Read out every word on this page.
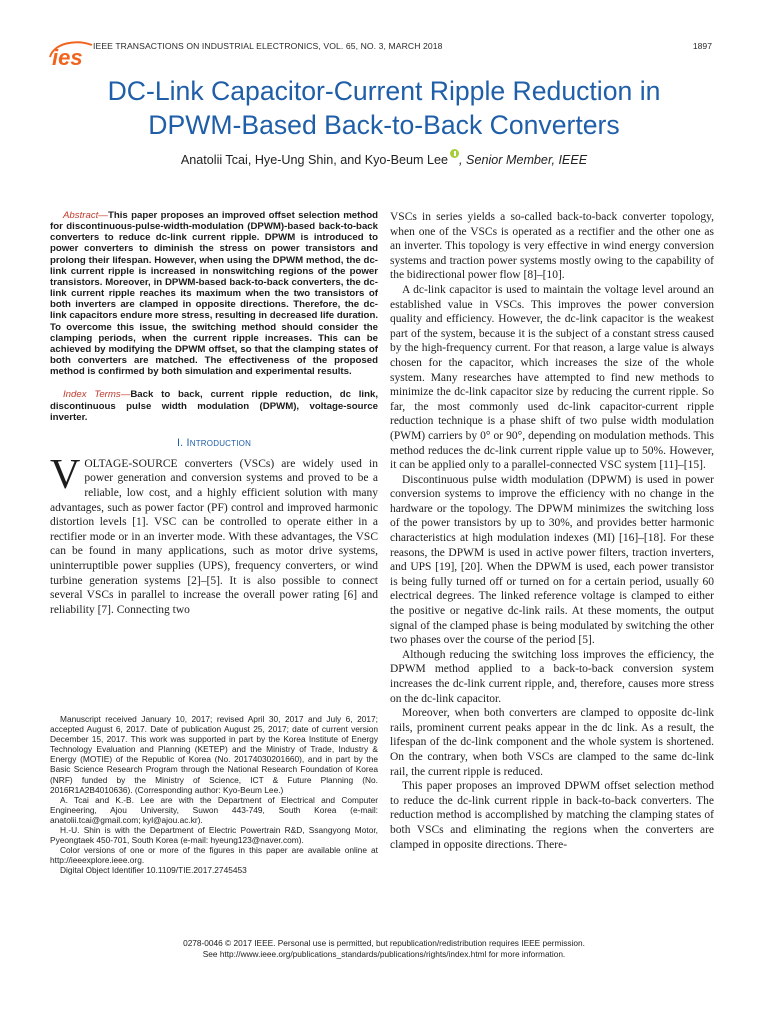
ies IEEE TRANSACTIONS ON INDUSTRIAL ELECTRONICS, VOL. 65, NO. 3, MARCH 2018	1897
DC-Link Capacitor-Current Ripple Reduction in
DPWM-Based Back-to-Back Converters
Anatolii Tcai, Hye-Ung Shin, and Kyo-Beum Lee , Senior Member, IEEE

Abstract—This paper proposes an improved offset selection method for discontinuous-pulse-width-modulation (DPWM)-based back-to-back converters to reduce dc-link current ripple. DPWM is introduced to power converters to diminish the stress on power transistors and prolong their lifespan. However, when using the DPWM method, the dc-link current ripple is increased in nonswitching regions of the power transistors. Moreover, in DPWM-based back-to-back converters, the dc-link current ripple reaches its maximum when the two transistors of both inverters are clamped in opposite directions. Therefore, the dc-link capacitors endure more stress, resulting in decreased life duration. To overcome this issue, the switching method should consider the clamping periods, when the current ripple increases. This can be achieved by modifying the DPWM offset, so that the clamping states of both converters are matched. The effectiveness of the proposed method is confirmed by both simulation and experimental results.

Index Terms—Back to back, current ripple reduction, dc link, discontinuous pulse width modulation (DPWM), voltage-source inverter.

I. Introduction

VOLTAGE-SOURCE converters (VSCs) are widely used in power generation and conversion systems and proved to be a reliable, low cost, and a highly efficient solution with many advantages, such as power factor (PF) control and improved harmonic distortion levels [1]. VSC can be controlled to operate either in a rectifier mode or in an inverter mode. With these advantages, the VSC can be found in many applications, such as motor drive systems, uninterruptible power supplies (UPS), frequency converters, or wind turbine generation systems [2]–[5]. It is also possible to connect several VSCs in parallel to increase the overall power rating [6] and reliability [7]. Connecting two

Manuscript received January 10, 2017; revised April 30, 2017 and July 6, 2017; accepted August 6, 2017. Date of publication August 25, 2017; date of current version December 15, 2017. This work was supported in part by the Korea Institute of Energy Technology Evaluation and Planning (KETEP) and the Ministry of Trade, Industry & Energy (MOTIE) of the Republic of Korea (No. 20174030201660), and in part by the Basic Science Research Program through the National Research Foundation of Korea (NRF) funded by the Ministry of Science, ICT & Future Planning (No. 2016R1A2B4010636). (Corresponding author: Kyo-Beum Lee.)

A. Tcai and K.-B. Lee are with the Department of Electrical and Computer Engineering, Ajou University, Suwon 443-749, South Korea (e-mail: anatolii.tcai@gmail.com; kyl@ajou.ac.kr).

H.-U. Shin is with the Department of Electric Powertrain R&D, Ssangyong Motor, Pyeongtaek 450-701, South Korea (e-mail: hyeung123@naver.com).

Color versions of one or more of the figures in this paper are available online at http://ieeexplore.ieee.org.

Digital Object Identifier 10.1109/TIE.2017.2745453

VSCs in series yields a so-called back-to-back converter topology, when one of the VSCs is operated as a rectifier and the other one as an inverter. This topology is very effective in wind energy conversion systems and traction power systems mostly owing to the capability of the bidirectional power flow [8]–[10].

A dc-link capacitor is used to maintain the voltage level around an established value in VSCs. This improves the power conversion quality and efficiency. However, the dc-link capacitor is the weakest part of the system, because it is the subject of a constant stress caused by the high-frequency current. For that reason, a large value is always chosen for the capacitor, which increases the size of the whole system. Many researches have attempted to find new methods to minimize the dc-link capacitor size by reducing the current ripple. So far, the most commonly used dc-link capacitor-current ripple reduction technique is a phase shift of two pulse width modulation (PWM) carriers by 0° or 90°, depending on modulation methods. This method reduces the dc-link current ripple value up to 50%. However, it can be applied only to a parallel-connected VSC system [11]–[15].

Discontinuous pulse width modulation (DPWM) is used in power conversion systems to improve the efficiency with no change in the hardware or the topology. The DPWM minimizes the switching loss of the power transistors by up to 30%, and provides better harmonic characteristics at high modulation indexes (MI) [16]–[18]. For these reasons, the DPWM is used in active power filters, traction inverters, and UPS [19], [20]. When the DPWM is used, each power transistor is being fully turned off or turned on for a certain period, usually 60 electrical degrees. The linked reference voltage is clamped to either the positive or negative dc-link rails. At these moments, the output signal of the clamped phase is being modulated by switching the other two phases over the course of the period [5].

Although reducing the switching loss improves the efficiency, the DPWM method applied to a back-to-back conversion system increases the dc-link current ripple, and, therefore, causes more stress on the dc-link capacitor.

Moreover, when both converters are clamped to opposite dc-link rails, prominent current peaks appear in the dc link. As a result, the lifespan of the dc-link component and the whole system is shortened. On the contrary, when both VSCs are clamped to the same dc-link rail, the current ripple is reduced.

This paper proposes an improved DPWM offset selection method to reduce the dc-link current ripple in back-to-back converters. The reduction method is accomplished by matching the clamping states of both VSCs and eliminating the regions when the converters are clamped in opposite directions. There-

0278-0046 © 2017 IEEE. Personal use is permitted, but republication/redistribution requires IEEE permission.
See http://www.ieee.org/publications_standards/publications/rights/index.html for more information.
